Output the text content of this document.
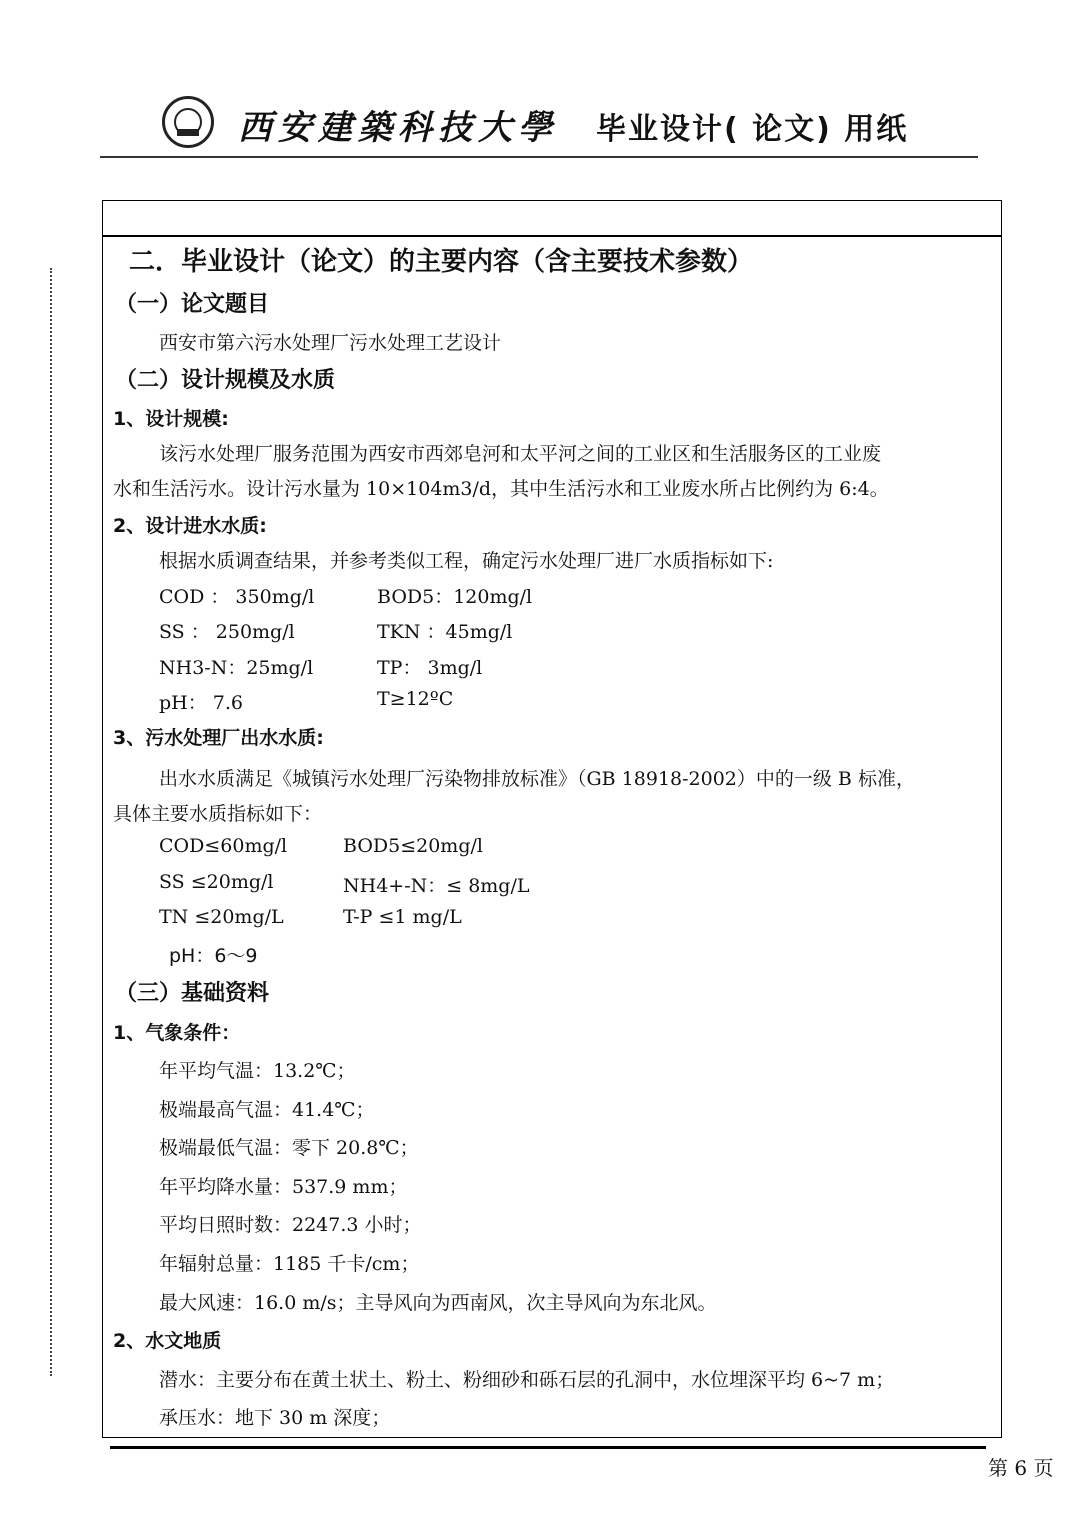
西安建築科技大學 毕业设计( 论文) 用纸
二．毕业设计（论文）的主要内容（含主要技术参数）
（一）论文题目
西安市第六污水处理厂污水处理工艺设计
（二）设计规模及水质
1、设计规模:
该污水处理厂服务范围为西安市西郊皂河和太平河之间的工业区和生活服务区的工业废
水和生活污水。设计污水量为 10×104m3/d，其中生活污水和工业废水所占比例约为 6:4。
2、设计进水水质:
根据水质调查结果，并参考类似工程，确定污水处理厂进厂水质指标如下:
COD ： 350mg/l	BOD5：120mg/l
SS ： 250mg/l	TKN ：45mg/l
NH3-N：25mg/l	TP： 3mg/l
pH： 7.6	T≥12ºC
3、污水处理厂出水水质:
出水水质满足《城镇污水处理厂污染物排放标准》（GB 18918-2002）中的一级 B 标准，
具体主要水质指标如下：
COD≤60mg/l	BOD5≤20mg/l
SS ≤20mg/l	NH4+-N：≤ 8mg/L
TN ≤20mg/L	T-P ≤1 mg/L
pH：6～9
（三）基础资料
1、气象条件：
年平均气温：13.2℃；
极端最高气温：41.4℃；
极端最低气温：零下 20.8℃；
年平均降水量：537.9 mm；
平均日照时数：2247.3 小时；
年辐射总量：1185 千卡/cm；
最大风速：16.0 m/s；主导风向为西南风，次主导风向为东北风。
2、水文地质
潜水：主要分布在黄土状土、粉土、粉细砂和砾石层的孔洞中，水位埋深平均 6~7 m；
承压水：地下 30 m 深度；
第 6 页
